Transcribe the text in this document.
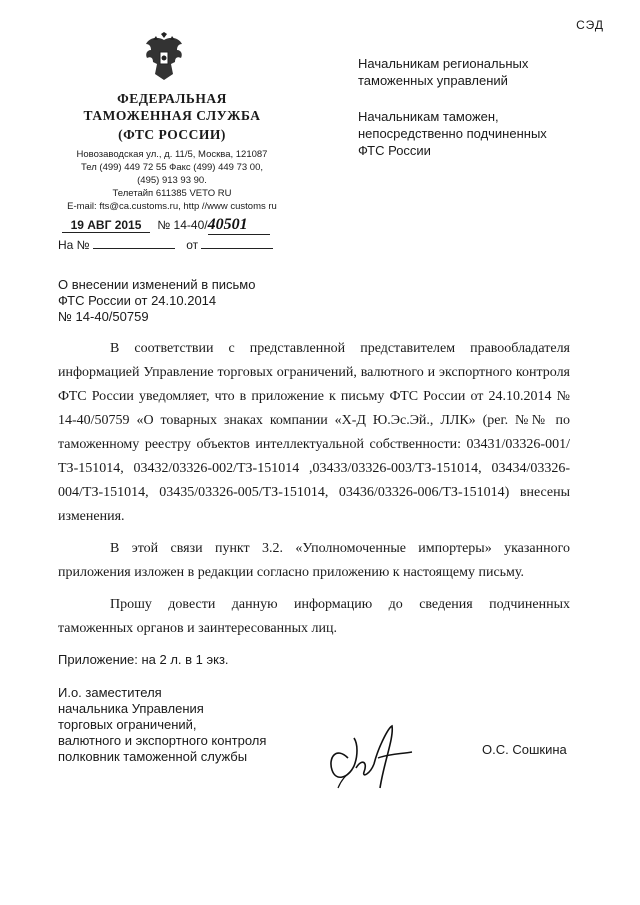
СЭД
ФЕДЕРАЛЬНАЯ
ТАМОЖЕННАЯ СЛУЖБА
(ФТС РОССИИ)
Новозаводская ул., д. 11/5, Москва, 121087
Тел (499) 449 72 55 Факс (499) 449 73 00,
(495) 913 93 90.
Телетайп 611385 VETO RU
E-mail: fts@ca.customs.ru, http //www customs ru
19 АВГ 2015 № 14-40/40501
На №	от
Начальникам региональных
таможенных управлений
Начальникам таможен,
непосредственно подчиненных
ФТС России
О внесении изменений в письмо
ФТС России от 24.10.2014
№ 14-40/50759

В соответствии с представленной представителем правообладателя информацией Управление торговых ограничений, валютного и экспортного контроля ФТС России уведомляет, что в приложение к письму ФТС России от 24.10.2014 № 14-40/50759 «О товарных знаках компании «Х-Д Ю.Эс.Эй., ЛЛК» (рег. №№ по таможенному реестру объектов интеллектуальной собственности: 03431/03326-001/ТЗ-151014, 03432/03326-002/ТЗ-151014 ,03433/03326-003/ТЗ-151014, 03434/03326-004/ТЗ-151014, 03435/03326-005/ТЗ-151014, 03436/03326-006/ТЗ-151014) внесены изменения.

В этой связи пункт 3.2. «Уполномоченные импортеры» указанного приложения изложен в редакции согласно приложению к настоящему письму.

Прошу довести данную информацию до сведения подчиненных таможенных органов и заинтересованных лиц.

Приложение: на 2 л. в 1 экз.
И.о. заместителя
начальника Управления
торговых ограничений,
валютного и экспортного контроля
полковник таможенной службы	О.С. Сошкина
